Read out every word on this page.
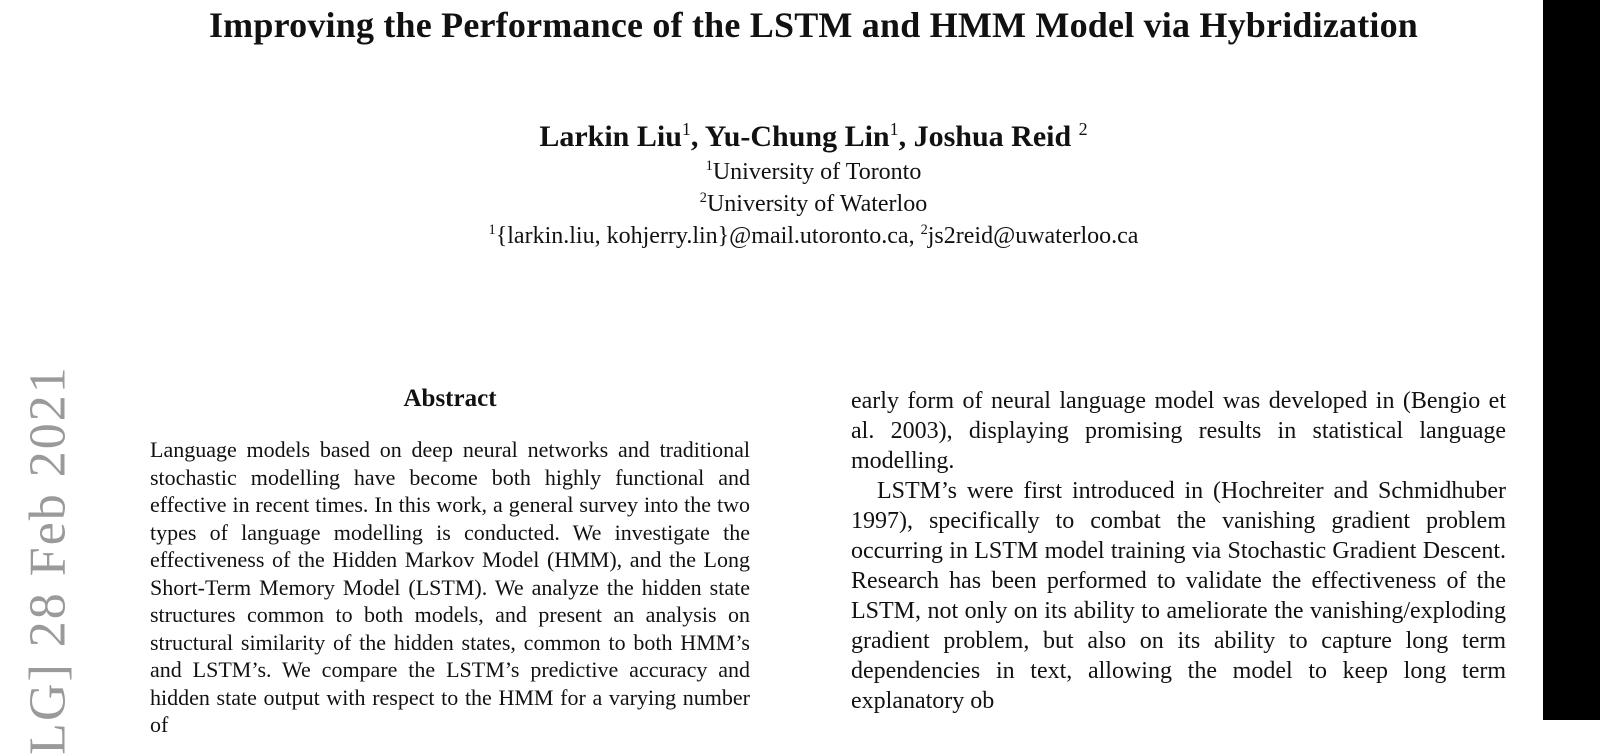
LG] 28 Feb 2021
Improving the Performance of the LSTM and HMM Model via Hybridization
Larkin Liu$^1$, Yu-Chung Lin$^1$, Joshua Reid $^2$
$^1$University of Toronto
$^2$University of Waterloo
$^1${larkin.liu, kohjerry.lin}@mail.utoronto.ca, $^2$js2reid@uwaterloo.ca
Abstract

Language models based on deep neural networks and traditional stochastic modelling have become both highly functional and effective in recent times. In this work, a general survey into the two types of language modelling is conducted. We investigate the effectiveness of the Hidden Markov Model (HMM), and the Long Short-Term Memory Model (LSTM). We analyze the hidden state structures common to both models, and present an analysis on structural similarity of the hidden states, common to both HMM’s and LSTM’s. We compare the LSTM’s predictive accuracy and hidden state output with respect to the HMM for a varying number of

early form of neural language model was developed in (Bengio et al. 2003), displaying promising results in statistical language modelling.

LSTM’s were first introduced in (Hochreiter and Schmidhuber 1997), specifically to combat the vanishing gradient problem occurring in LSTM model training via Stochastic Gradient Descent. Research has been performed to validate the effectiveness of the LSTM, not only on its ability to ameliorate the vanishing/exploding gradient problem, but also on its ability to capture long term dependencies in text, allowing the model to keep long term explanatory ob
